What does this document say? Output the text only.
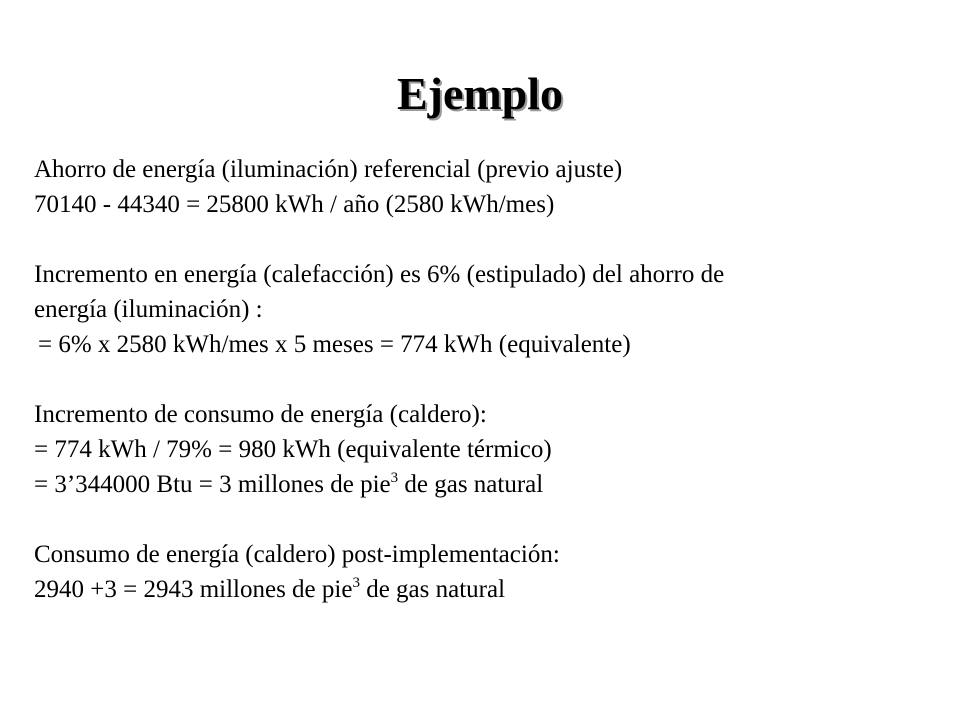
Ejemplo
Ahorro de energía (iluminación) referencial (previo ajuste)
70140 - 44340 = 25800 kWh / año (2580 kWh/mes)
Incremento en energía (calefacción) es 6% (estipulado) del ahorro de
energía (iluminación) :
= 6% x 2580 kWh/mes x 5 meses = 774 kWh (equivalente)
Incremento de consumo de energía (caldero):
= 774 kWh / 79% = 980 kWh (equivalente térmico)
= 3’344000 Btu = 3 millones de pie$^3$ de gas natural
Consumo de energía (caldero) post-implementación:
2940 +3 = 2943 millones de pie$^3$ de gas natural
